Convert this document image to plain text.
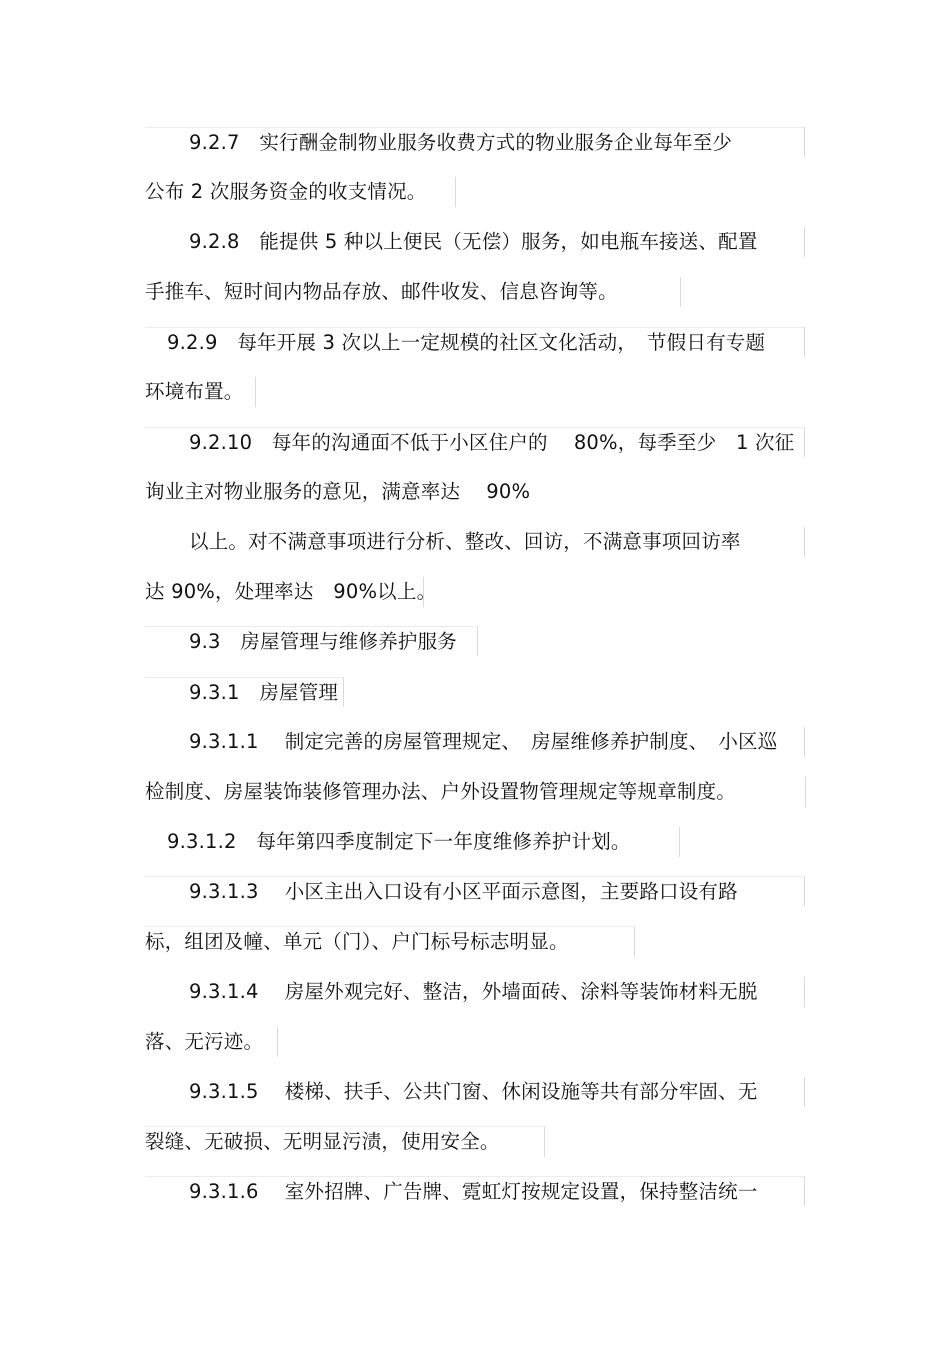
9.2.7　实行酬金制物业服务收费方式的物业服务企业每年至少
公布 2 次服务资金的收支情况。
9.2.8　能提供 5 种以上便民（无偿）服务，如电瓶车接送、配置
手推车、短时间内物品存放、邮件收发、信息咨询等。
9.2.9　每年开展 3 次以上一定规模的社区文化活动，　节假日有专题
环境布置。
9.2.10　每年的沟通面不低于小区住户的　 80%，每季至少　1 次征
询业主对物业服务的意见，满意率达　 90%
以上。对不满意事项进行分析、整改、回访，不满意事项回访率
达 90%，处理率达　90%以上。
9.3　房屋管理与维修养护服务
9.3.1　房屋管理
9.3.1.1　 制定完善的房屋管理规定、　房屋维修养护制度、　小区巡
检制度、房屋装饰装修管理办法、户外设置物管理规定等规章制度。
9.3.1.2　每年第四季度制定下一年度维修养护计划。
9.3.1.3　 小区主出入口设有小区平面示意图，主要路口设有路
标，组团及幢、单元（门）、户门标号标志明显。
9.3.1.4　 房屋外观完好、整洁，外墙面砖、涂料等装饰材料无脱
落、无污迹。
9.3.1.5　 楼梯、扶手、公共门窗、休闲设施等共有部分牢固、无
裂缝、无破损、无明显污渍，使用安全。
9.3.1.6　 室外招牌、广告牌、霓虹灯按规定设置，保持整洁统一
